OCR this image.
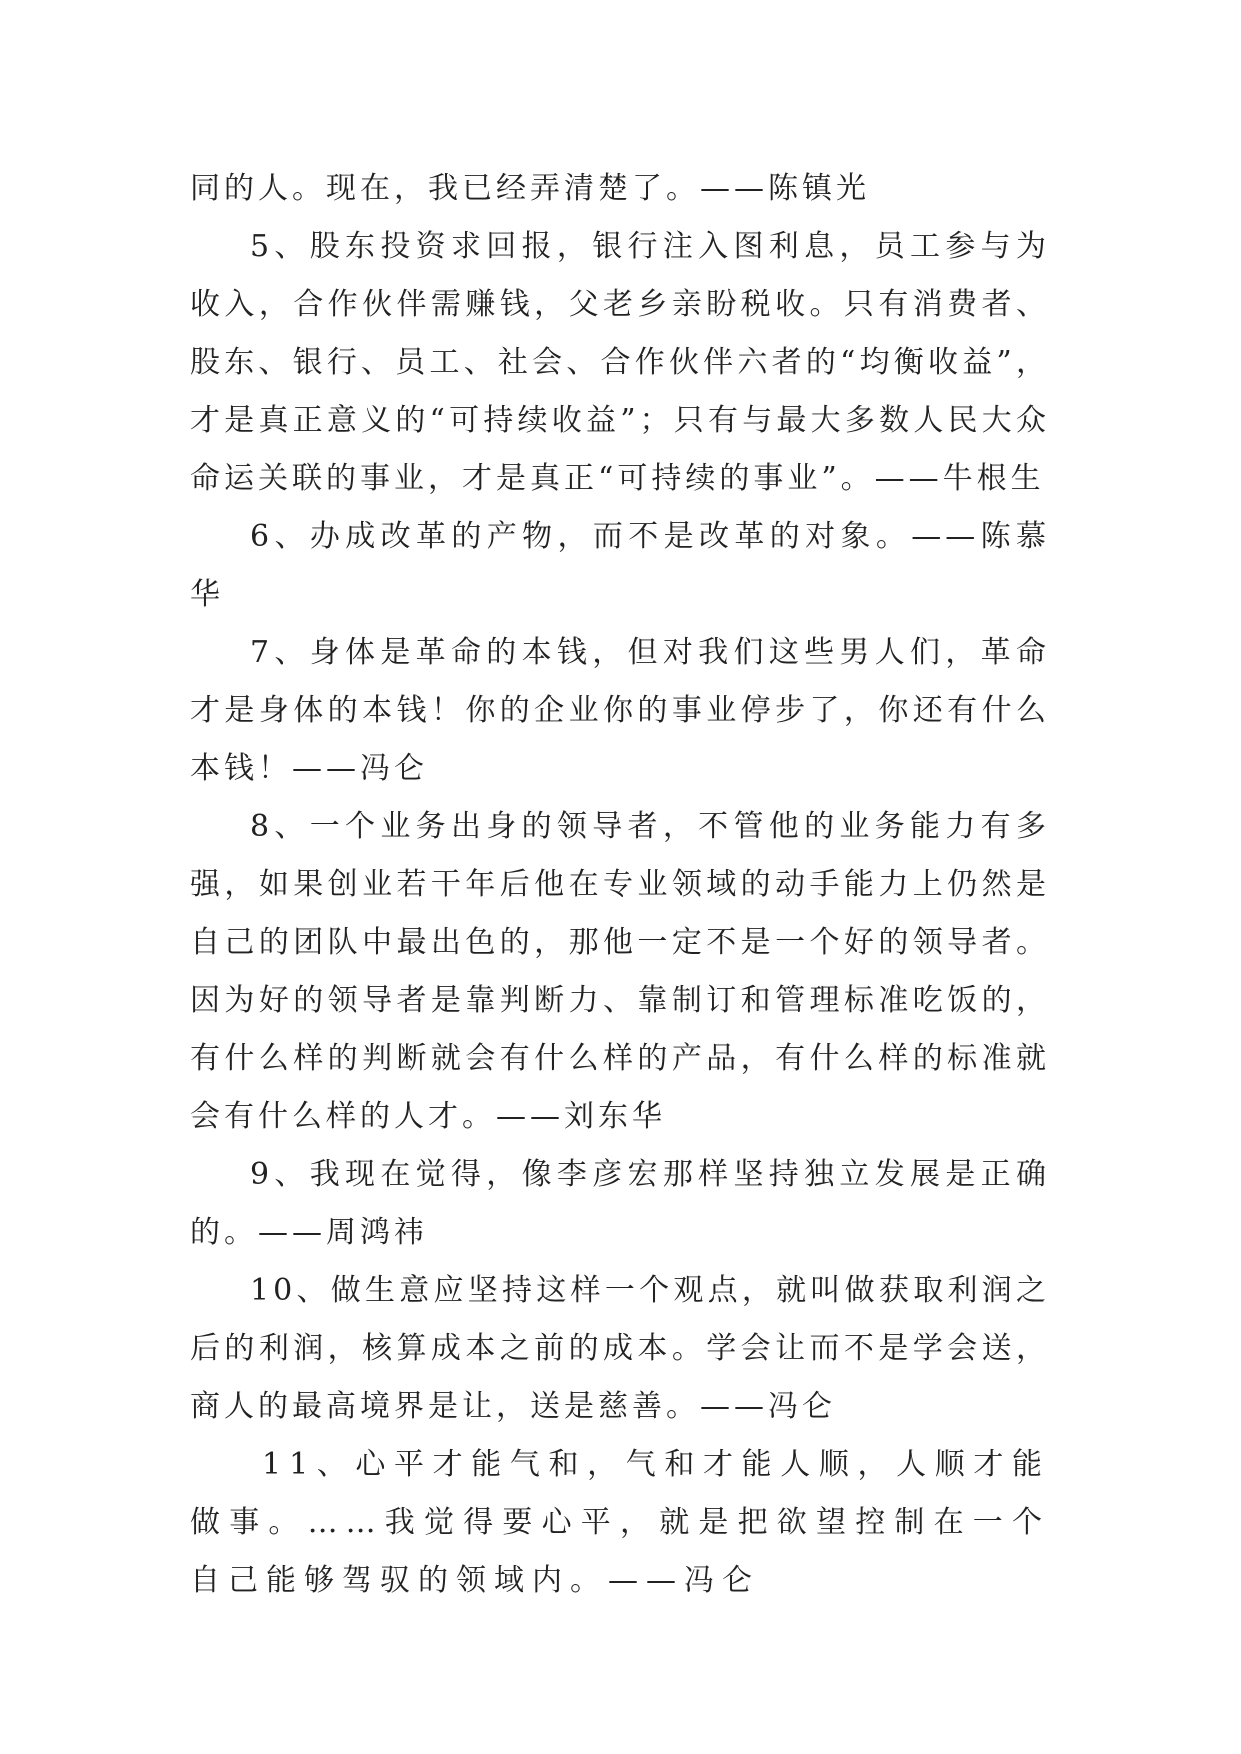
同的人。现在，我已经弄清楚了。——陈镇光

5、股东投资求回报，银行注入图利息，员工参与为收入，合作伙伴需赚钱，父老乡亲盼税收。只有消费者、股东、银行、员工、社会、合作伙伴六者的“均衡收益”，才是真正意义的“可持续收益”；只有与最大多数人民大众命运关联的事业，才是真正“可持续的事业”。——牛根生

6、办成改革的产物，而不是改革的对象。——陈慕华

7、身体是革命的本钱，但对我们这些男人们，革命才是身体的本钱！你的企业你的事业停步了，你还有什么本钱！——冯仑

8、一个业务出身的领导者，不管他的业务能力有多强，如果创业若干年后他在专业领域的动手能力上仍然是自己的团队中最出色的，那他一定不是一个好的领导者。因为好的领导者是靠判断力、靠制订和管理标准吃饭的，有什么样的判断就会有什么样的产品，有什么样的标准就会有什么样的人才。——刘东华

9、我现在觉得，像李彦宏那样坚持独立发展是正确的。——周鸿祎

10、做生意应坚持这样一个观点，就叫做获取利润之后的利润，核算成本之前的成本。学会让而不是学会送，商人的最高境界是让，送是慈善。——冯仑

11、心平才能气和，气和才能人顺，人顺才能做事。……我觉得要心平，就是把欲望控制在一个自己能够驾驭的领域内。——冯仑
